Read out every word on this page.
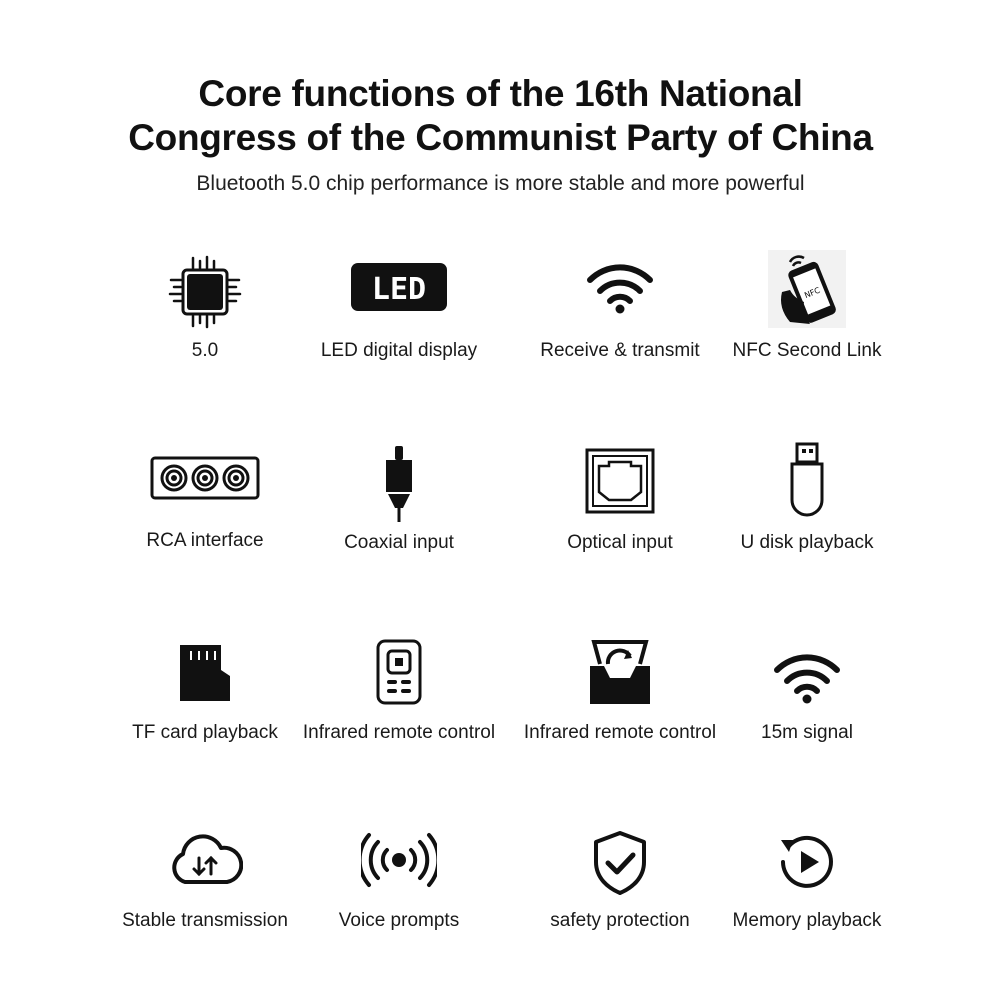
Core functions of the 16th National
Congress of the Communist Party of China
Bluetooth 5.0 chip performance is more stable and more powerful
5.0
LED
LED digital display	Receive & transmit
NFC
NFC Second Link
RCA interface	Coaxial input	Optical input	U disk playback
TF card playback	Infrared remote control	Infrared remote control	15m signal
Stable transmission	Voice prompts	safety protection	Memory playback
